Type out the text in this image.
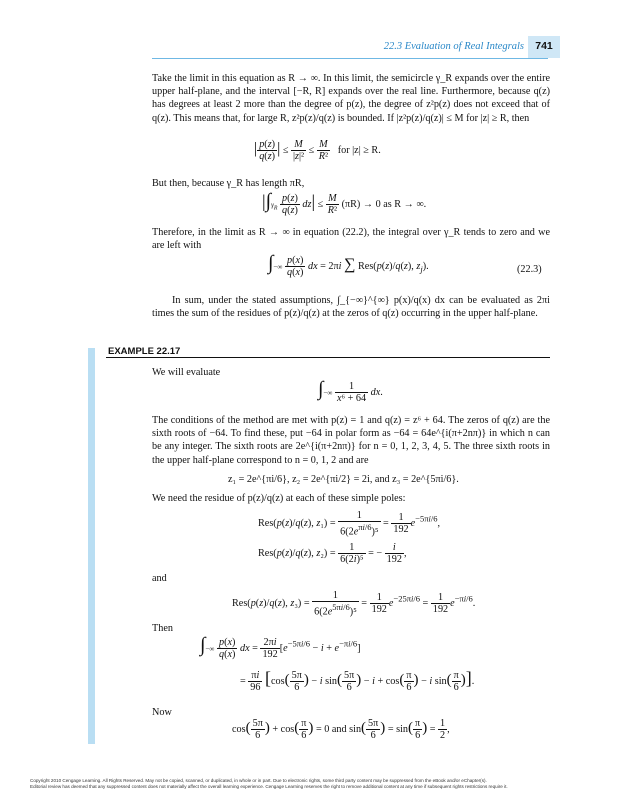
22.3 Evaluation of Real Integrals	741
Take the limit in this equation as R → ∞. In this limit, the semicircle γ_R expands over the entire upper half-plane, and the interval [−R, R] expands over the real line. Furthermore, because q(z) has degrees at least 2 more than the degree of p(z), the degree of z²p(z) does not exceed that of q(z). This means that, for large R, z²p(z)/q(z) is bounded. If |z²p(z)/q(z)| ≤ M for |z| ≥ R, then
| $\frac{p(z)}{q(z)}$ | ≤ $\frac{M}{\text{|z|²}} \le \frac{M}{\text{R²}}$ for |z| ≥ R.
But then, because γ_R has length πR,
$|\int\gamma_R \frac{p(z)}{q(z)} dz| \le \frac{M}{\text{R²}} (\pi R) \to 0$ as R → ∞.
Therefore, in the limit as R → ∞ in equation (22.2), the integral over γ_R tends to zero and we are left with
∫−∞ $\frac{p(x)}{q(x)}$ dx = 2πi ∑ Res(p(z)/q(z), $z_j$).	(22.3)
In sum, under the stated assumptions, ∫_{−∞}^{∞} p(x)/q(x) dx can be evaluated as 2πi times the sum of the residues of p(z)/q(z) at the zeros of q(z) occurring in the upper half-plane.
EXAMPLE 22.17
We will evaluate
∫−∞ $\frac{1}{\text{x⁶ + 64}}$ dx.
The conditions of the method are met with p(z) = 1 and q(z) = z⁶ + 64. The zeros of q(z) are the sixth roots of −64. To find these, put −64 in polar form as −64 = 64e^{i(π+2nπ)} in which n can be any integer. The sixth roots are 2e^{i(π+2nπ)} for n = 0, 1, 2, 3, 4, 5. The three sixth roots in the upper half-plane correspond to n = 0, 1, 2 and are
z₁ = 2e^{πi/6}, z₂ = 2e^{πi/2} = 2i, and z₃ = 2e^{5πi/6}.
We need the residue of p(z)/q(z) at each of these simple poles:
Res(p(z)/q(z), $z_1) = \frac{1}{6(2e^{\pi i/6})^5} = \frac{1}{192} e^{-5\pi i/6}$,
Res(p(z)/q(z), $z_2) = \frac{1}{\text{6(2i)⁵}}$ = − $\frac{i}{192}$ ,
and
Res(p(z)/q(z), $z_3) = \frac{1}{6(2e^{5\pi i/6})^5} = \frac{1}{192} e^{-25\pi i/6} = \frac{1}{192} e^{-\pi i/6}$.
Then
∫−∞ $\frac{p(x)}{q(x)}$ dx = $\frac{2\pi i}{192} [e^{-5\pi i/6} - i + e^{-\pi i/6}]$
= $\frac{\pi i}{96} [\cos( \frac{5\pi}{6}$ ) − i $\sin( \frac{5\pi}{6}$ ) − $i + \cos( \frac{\pi}{6}$ ) − i $\sin( \frac{\pi}{6}$ )].
Now
$\cos( \frac{5\pi}{6}$ ) + $\cos( \frac{\pi}{6}$ ) = 0 and $\sin( \frac{5\pi}{6}$ ) = $\sin( \frac{\pi}{6}$ ) = $\frac{1}{2}$ ,
Copyright 2010 Cengage Learning. All Rights Reserved. May not be copied, scanned, or duplicated, in whole or in part. Due to electronic rights, some third party content may be suppressed from the eBook and/or eChapter(s).
Editorial review has deemed that any suppressed content does not materially affect the overall learning experience. Cengage Learning reserves the right to remove additional content at any time if subsequent rights restrictions require it.
